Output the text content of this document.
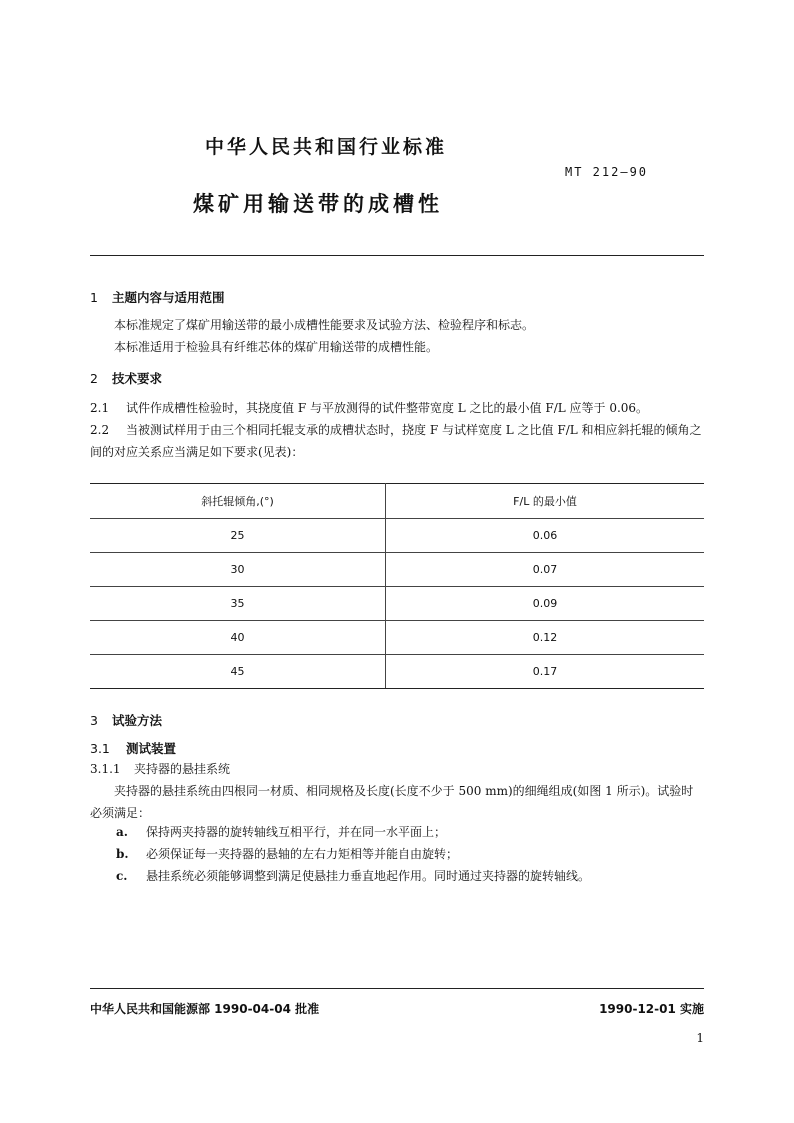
中华人民共和国行业标准
MT 212—90
煤矿用输送带的成槽性
1 主题内容与适用范围
本标准规定了煤矿用输送带的最小成槽性能要求及试验方法、检验程序和标志。
本标准适用于检验具有纤维芯体的煤矿用输送带的成槽性能。
2 技术要求
2.1 试件作成槽性检验时，其挠度值 F 与平放测得的试件整带宽度 L 之比的最小值 F/L 应等于 0.06。
2.2 当被测试样用于由三个相同托辊支承的成槽状态时，挠度 F 与试样宽度 L 之比值 F/L 和相应斜托辊的倾角之间的对应关系应当满足如下要求(见表)：
斜托辊倾角,(°)	F/L 的最小值
25	0.06
30	0.07
35	0.09
40	0.12
45	0.17
3 试验方法
3.1 测试装置
3.1.1 夹持器的悬挂系统
夹持器的悬挂系统由四根同一材质、相同规格及长度(长度不少于 500 mm)的细绳组成(如图 1 所示)。试验时必须满足：
a. 保持两夹持器的旋转轴线互相平行，并在同一水平面上；
b. 必须保证每一夹持器的悬轴的左右力矩相等并能自由旋转；
c. 悬挂系统必须能够调整到满足使悬挂力垂直地起作用。同时通过夹持器的旋转轴线。
中华人民共和国能源部 1990-04-04 批准	1990-12-01 实施
1
